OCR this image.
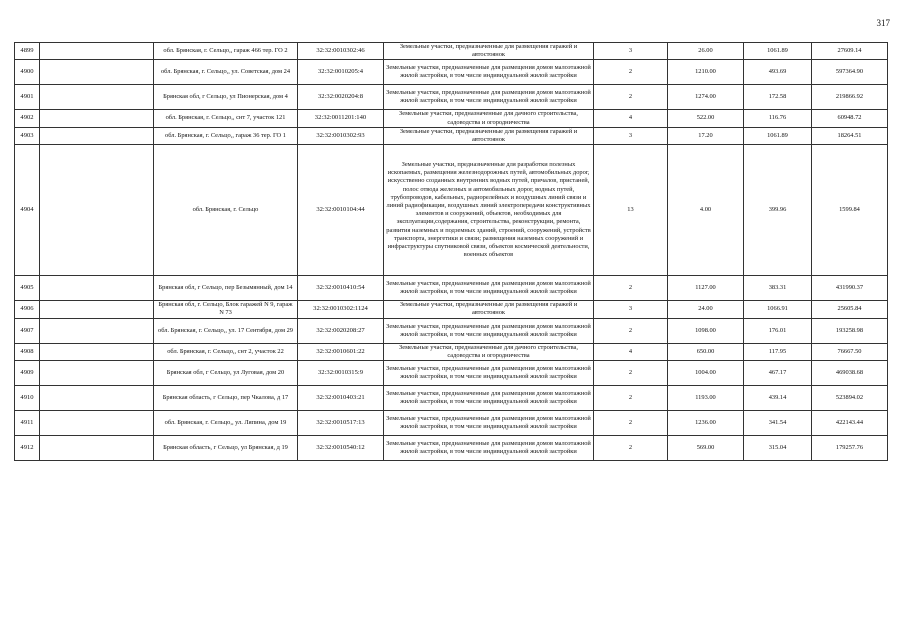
317
4899		обл. Брянская, г. Сельцо,, гараж 466 тер. ГО 2	32:32:0010302:46	Земельные участки, предназначенные для размещения гаражей и автостоянок	3	26.00	1061.89	27609.14
4900		обл. Брянская, г. Сельцо,, ул. Советская, дом 24	32:32:0010205:4	Земельные участки, предназначенные для размещения домов малоэтажной жилой застройки, в том числе индивидуальной жилой застройки	2	1210.00	493.69	597364.90
4901		Брянская обл, г Сельцо, ул Пионерская, дом 4	32:32:0020204:8	Земельные участки, предназначенные для размещения домов малоэтажной жилой застройки, в том числе индивидуальной жилой застройки	2	1274.00	172.58	219866.92
4902		обл. Брянская, г. Сельцо,, снт 7, участок 121	32:32:0011201:140	Земельные участки, предназначенные для дачного строительства, садоводства и огородничества	4	522.00	116.76	60948.72
4903		обл. Брянская, г. Сельцо,, гараж 36 тер. ГО 1	32:32:0010302:93	Земельные участки, предназначенные для размещения гаражей и автостоянок	3	17.20	1061.89	18264.51
4904		обл. Брянская, г. Сельцо	32:32:0010104:44	Земельные участки, предназначенные для разработки полезных ископаемых, размещения железнодорожных путей, автомобильных дорог, искусственно созданных внутренних водных путей, причалов, пристаней, полос отвода железных и автомобильных дорог, водных путей, трубопроводов, кабельных, радиорелейных и воздушных линий связи и линий радиофикации, воздушных линий электропередачи конструктивных элементов и сооружений, объектов, необходимых для эксплуатации,содержания, строительства, реконструкции, ремонта, развития наземных и подземных зданий, строений, сооружений, устройств транспорта, энергетики и связи; размещения наземных сооружений и инфраструктуры спутниковой связи, объектов космической деятельности, военных объектов	13	4.00	399.96	1599.84
4905		Брянская обл, г Сельцо, пер Безымянный, дом 14	32:32:0010410:54	Земельные участки, предназначенные для размещения домов малоэтажной жилой застройки, в том числе индивидуальной жилой застройки	2	1127.00	383.31	431990.37
4906		Брянская обл, г. Сельцо, Блок гаражей N 9, гараж N 73	32:32:0010302:1124	Земельные участки, предназначенные для размещения гаражей и автостоянок	3	24.00	1066.91	25605.84
4907		обл. Брянская, г. Сельцо,, ул. 17 Сентября, дом 29	32:32:0020208:27	Земельные участки, предназначенные для размещения домов малоэтажной жилой застройки, в том числе индивидуальной жилой застройки	2	1098.00	176.01	193258.98
4908		обл. Брянская, г. Сельцо,, снт 2, участок 22	32:32:0010601:22	Земельные участки, предназначенные для дачного строительства, садоводства и огородничества	4	650.00	117.95	76667.50
4909		Брянская обл, г Сельцо, ул Луговая, дом 20	32:32:0010315:9	Земельные участки, предназначенные для размещения домов малоэтажной жилой застройки, в том числе индивидуальной жилой застройки	2	1004.00	467.17	469038.68
4910		Брянская область, г Сельцо, пер Чкалова, д 17	32:32:0010403:21	Земельные участки, предназначенные для размещения домов малоэтажной жилой застройки, в том числе индивидуальной жилой застройки	2	1193.00	439.14	523894.02
4911		обл. Брянская, г. Сельцо,, ул. Ляпина, дом 19	32:32:0010517:13	Земельные участки, предназначенные для размещения домов малоэтажной жилой застройки, в том числе индивидуальной жилой застройки	2	1236.00	341.54	422143.44
4912		Брянская область, г Сельцо, ул Брянская, д 19	32:32:0010540:12	Земельные участки, предназначенные для размещения домов малоэтажной жилой застройки, в том числе индивидуальной жилой застройки	2	569.00	315.04	179257.76
